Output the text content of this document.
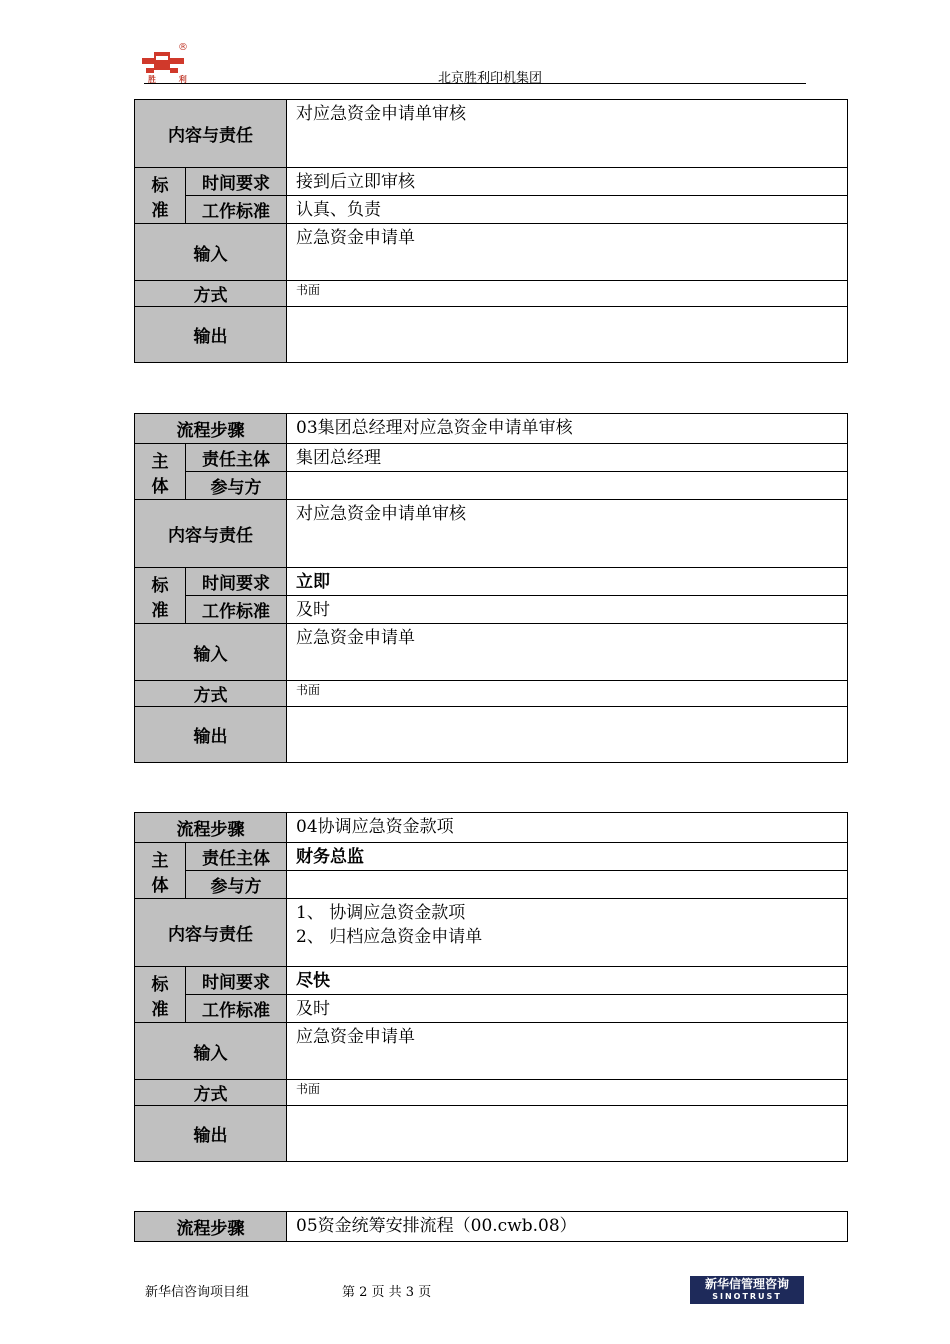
®
胜 利	北京胜利印机集团
内容与责任		对应急资金申请单审核

标
准	时间要求	接到后立即审核
	工作标准	认真、负责
输入		应急资金申请单
方式		书面
输出		
流程步骤		03集团总经理对应急资金申请单审核

主
体	责任主体	集团总经理
	参与方	
内容与责任		对应急资金申请单审核

标
准	时间要求	立即
	工作标准	及时
输入		应急资金申请单
方式		书面
输出		
流程步骤		04协调应急资金款项

主
体	责任主体	财务总监
	参与方	
内容与责任		1、 协调应急资金款项
2、 归档应急资金申请单

标
准	时间要求	尽快
	工作标准	及时
输入		应急资金申请单
方式		书面
输出		
流程步骤	05资金统筹安排流程（00.cwb.08）
新华信咨询项目组	第 2 页 共 3 页
新华信管理咨询
SINOTRUST
